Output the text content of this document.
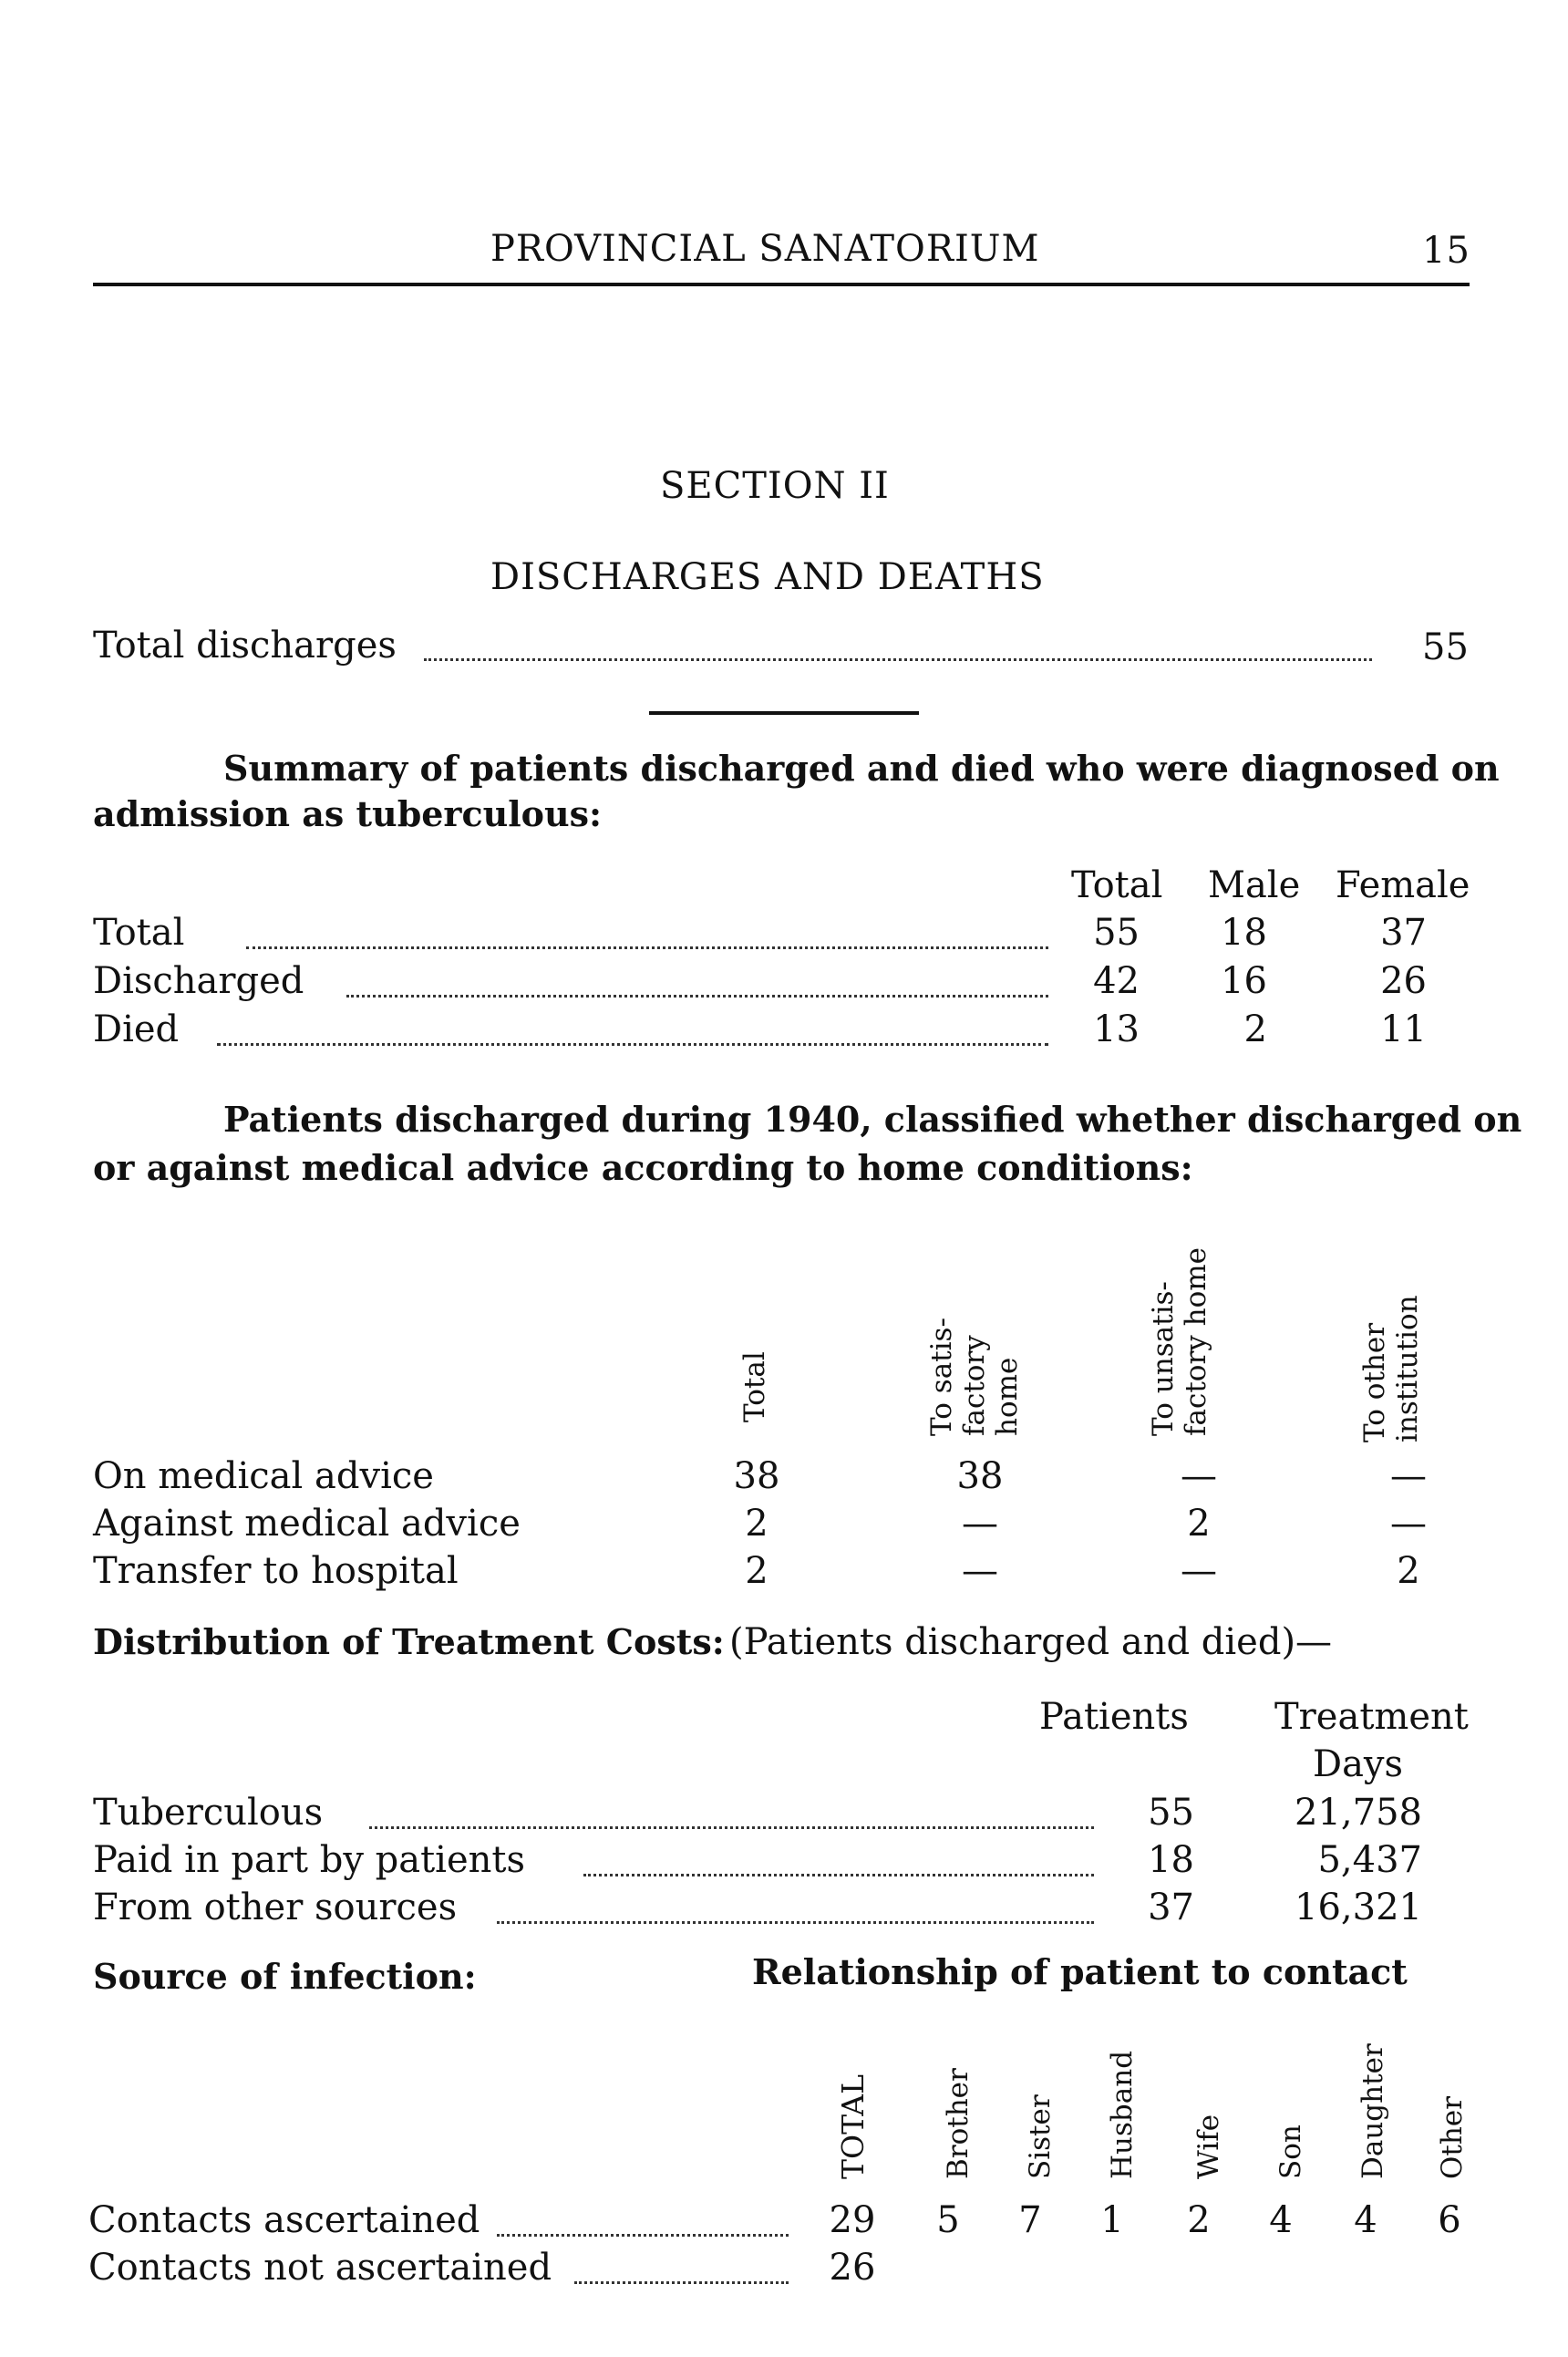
PROVINCIAL SANATORIUM	15
SECTION II
DISCHARGES AND DEATHS
Total discharges	55
Summary of patients discharged and died who were diagnosed on
admission as tuberculous:
Total Male Female
Total	55	18	37
Discharged	42	16	26
Died	13	2	11
Patients discharged during 1940, classified whether discharged on
or against medical advice according to home conditions:
Total	To satis- factory home	To unsatis- factory home	To other institution
On medical advice	38	38	—	—
Against medical advice	2	—	2	—
Transfer to hospital	2	—	—	2
Distribution of Treatment Costs: (Patients discharged and died)—
Patients Treatment
Days
Tuberculous	55	21,758
Paid in part by patients	18	5,437
From other sources	37	16,321
Source of infection:	Relationship of patient to contact
TOTAL	Brother Sister Husband Wife Son Daughter Other
Contacts ascertained	29	5	7	1	2	4	4	6
Contacts not ascertained	26
